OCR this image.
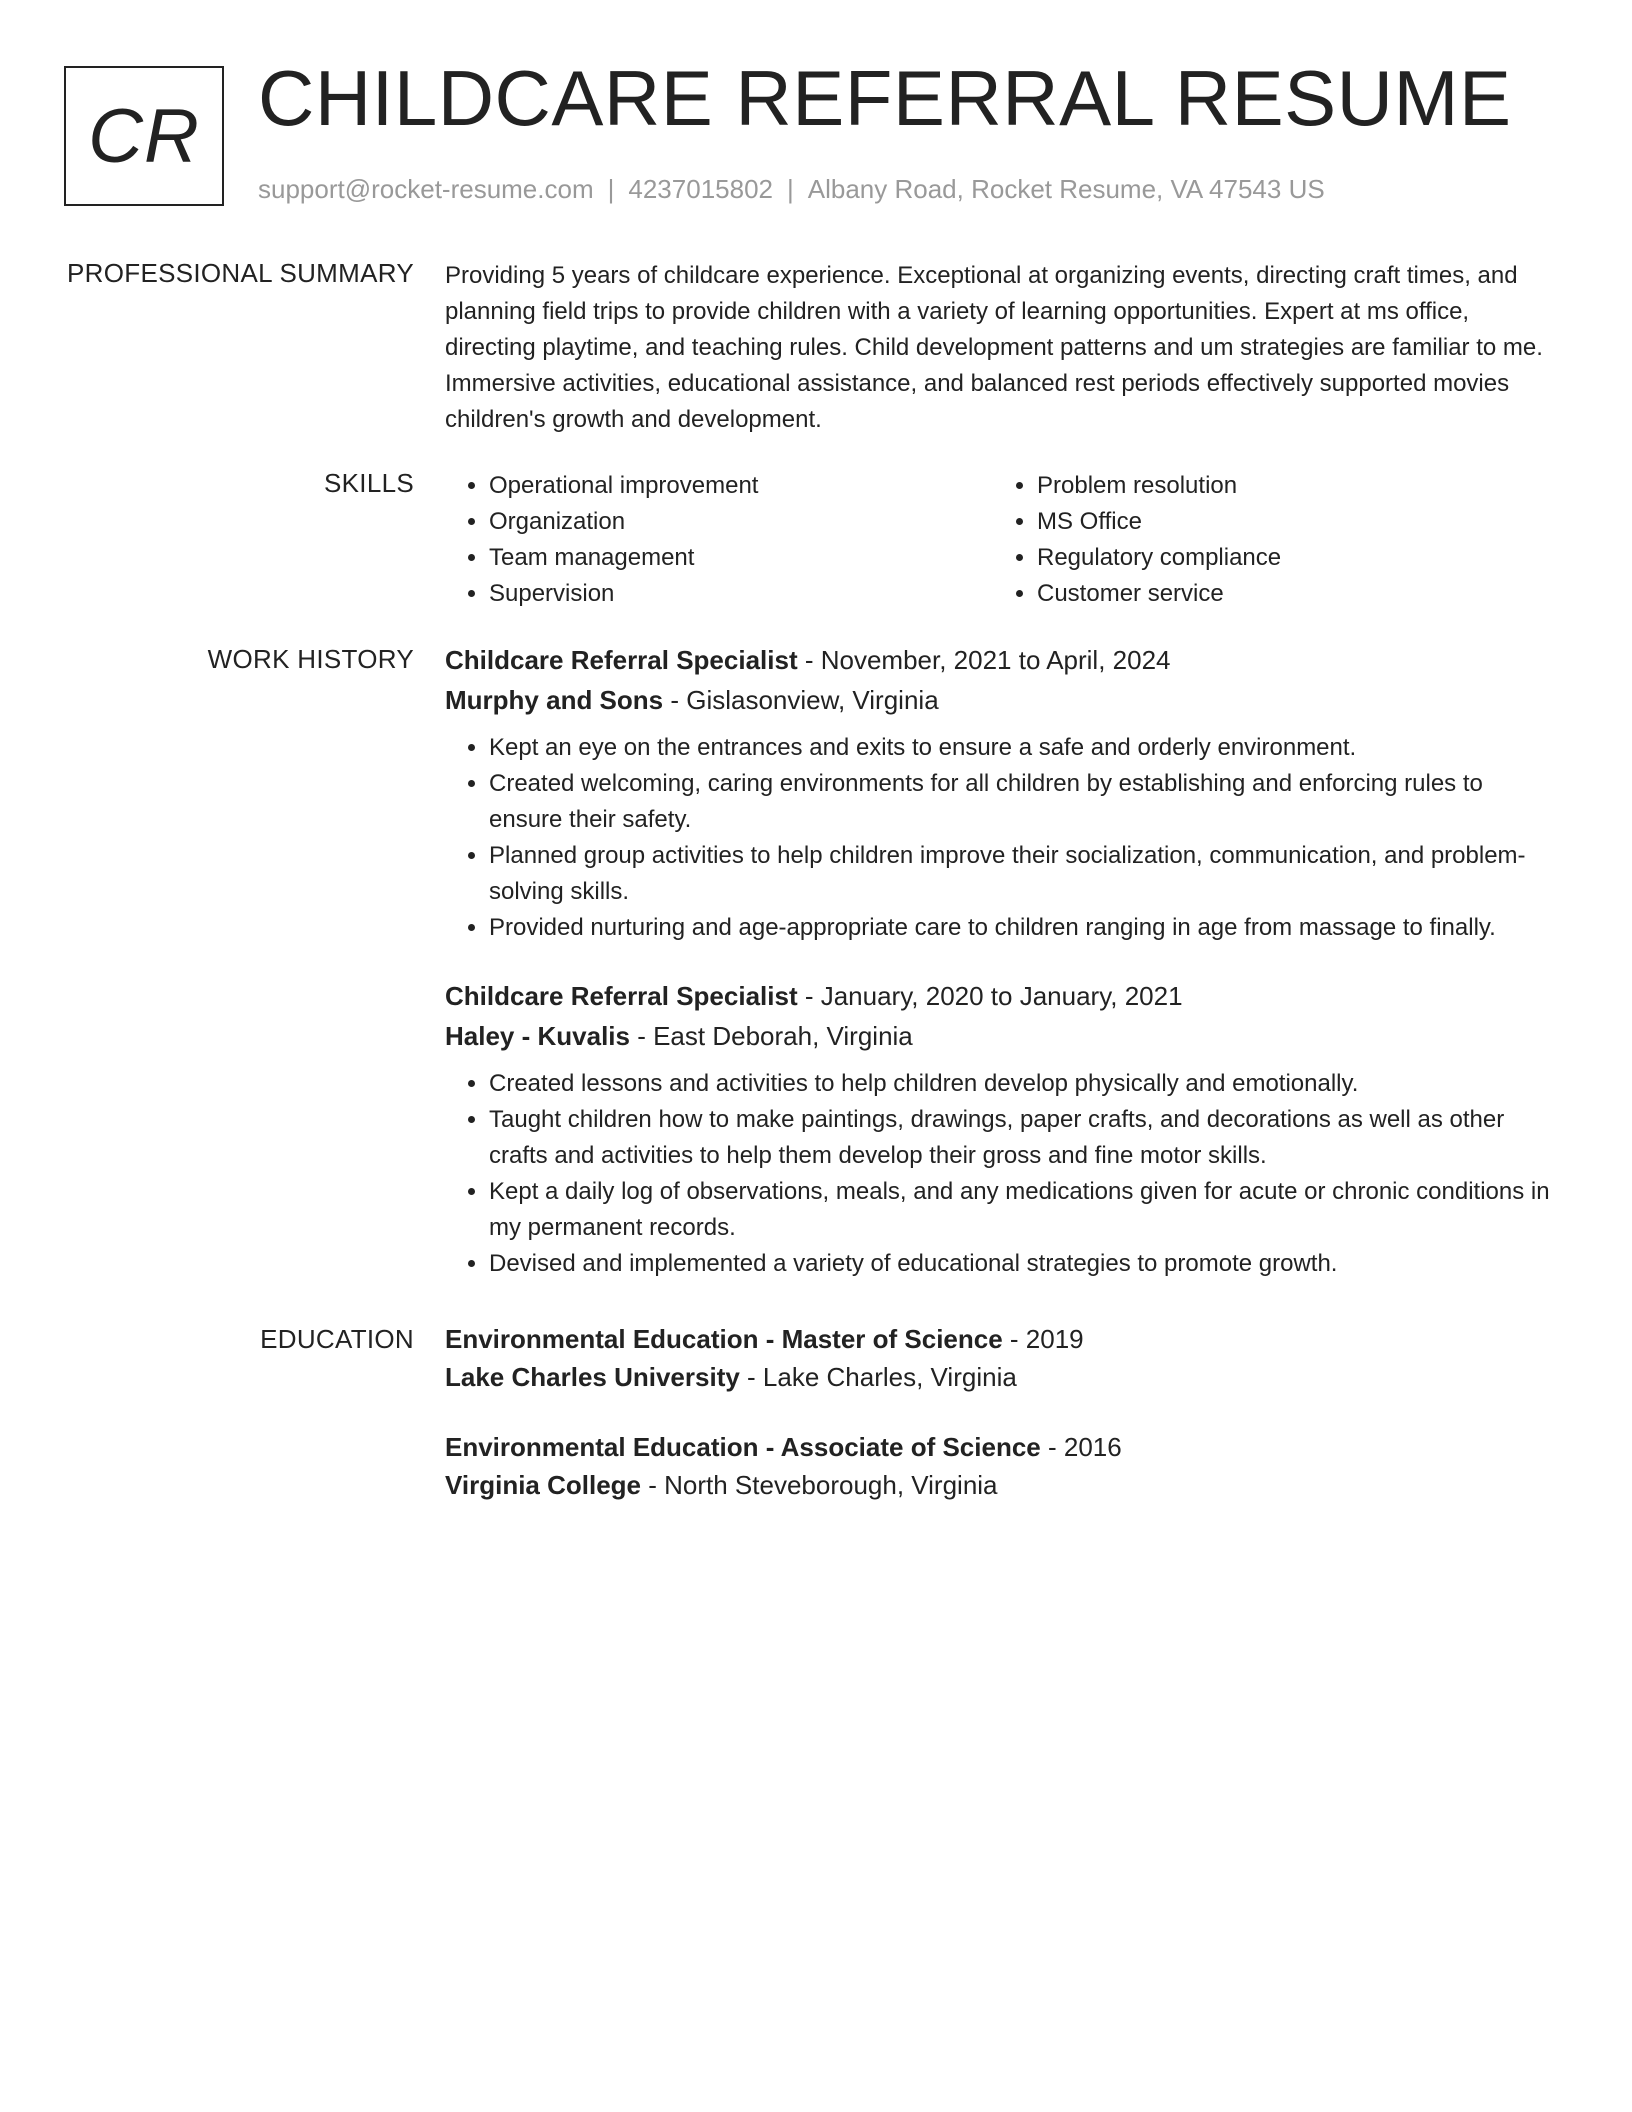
CR CHILDCARE REFERRAL RESUME
support@rocket-resume.com | 4237015802 | Albany Road, Rocket Resume, VA 47543 US
PROFESSIONAL SUMMARY Providing 5 years of childcare experience. Exceptional at organizing events, directing craft times, and planning field trips to provide children with a variety of learning opportunities. Expert at ms office, directing playtime, and teaching rules. Child development patterns and um strategies are familiar to me. Immersive activities, educational assistance, and balanced rest periods effectively supported movies children's growth and development.

SKILLS
•	Operational improvement
• Organization
• Team management
• Supervision
• Problem resolution
• MS Office
• Regulatory compliance
• Customer service
WORK HISTORY Childcare Referral Specialist - November, 2021 to April, 2024
Murphy and Sons - Gislasonview, Virginia
• Kept an eye on the entrances and exits to ensure a safe and orderly environment.
• Created welcoming, caring environments for all children by establishing and enforcing rules to ensure their safety.
• Planned group activities to help children improve their socialization, communication, and problem-solving skills.
• Provided nurturing and age-appropriate care to children ranging in age from massage to finally.
Childcare Referral Specialist - January, 2020 to January, 2021
Haley - Kuvalis - East Deborah, Virginia
• Created lessons and activities to help children develop physically and emotionally.
• Taught children how to make paintings, drawings, paper crafts, and decorations as well as other crafts and activities to help them develop their gross and fine motor skills.
• Kept a daily log of observations, meals, and any medications given for acute or chronic conditions in my permanent records.
• Devised and implemented a variety of educational strategies to promote growth.
EDUCATION Environmental Education - Master of Science - 2019
Lake Charles University - Lake Charles, Virginia
Environmental Education - Associate of Science - 2016
Virginia College - North Steveborough, Virginia
